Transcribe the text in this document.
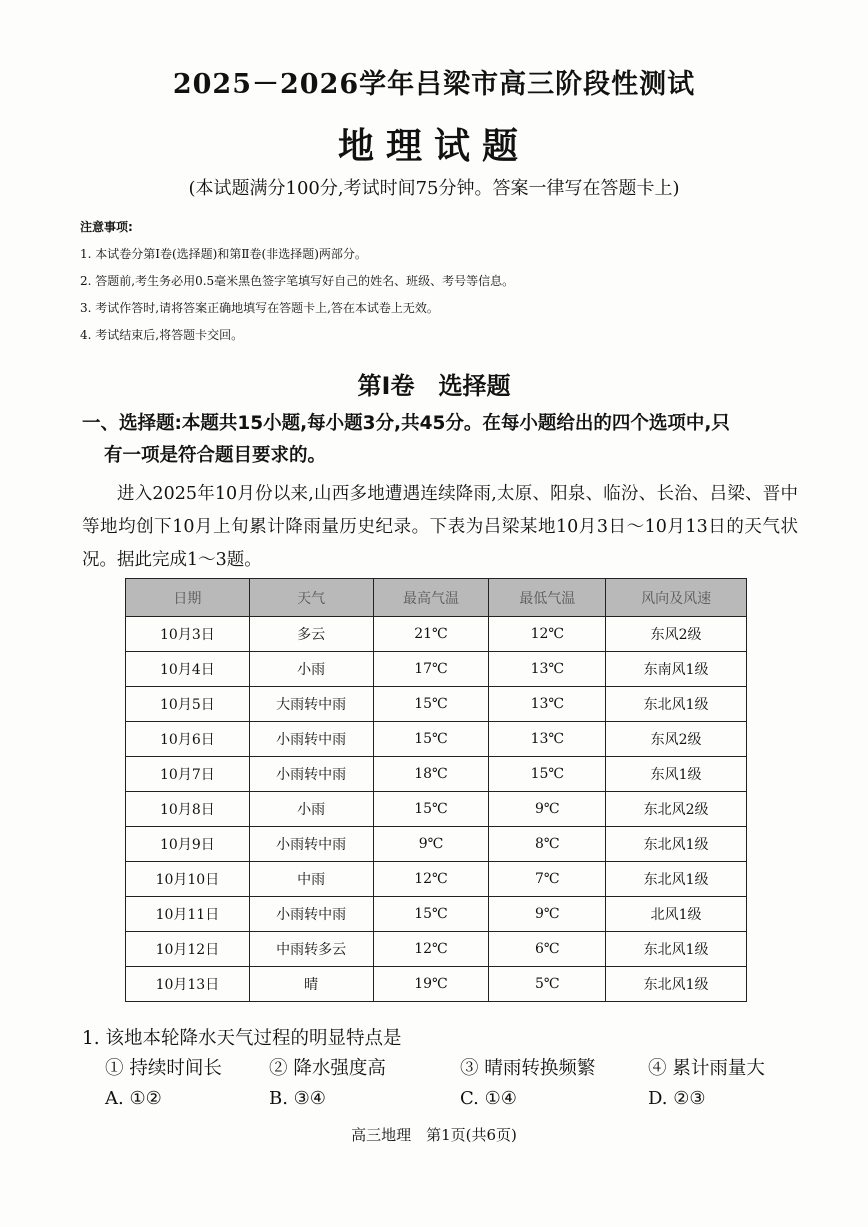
2025－2026学年吕梁市高三阶段性测试
地理试题
(本试题满分100分,考试时间75分钟。答案一律写在答题卡上)
注意事项:
1. 本试卷分第Ⅰ卷(选择题)和第Ⅱ卷(非选择题)两部分。
2. 答题前,考生务必用0.5毫米黑色签字笔填写好自己的姓名、班级、考号等信息。
3. 考试作答时,请将答案正确地填写在答题卡上,答在本试卷上无效。
4. 考试结束后,将答题卡交回。
第Ⅰ卷　选择题
一、选择题:本题共15小题,每小题3分,共45分。在每小题给出的四个选项中,只
有一项是符合题目要求的。

进入2025年10月份以来,山西多地遭遇连续降雨,太原、阳泉、临汾、长治、吕梁、晋中等地均创下10月上旬累计降雨量历史纪录。下表为吕梁某地10月3日～10月13日的天气状况。据此完成1～3题。

日期	天气	最高气温	最低气温	风向及风速
10月3日	多云	21℃	12℃	东风2级
10月4日	小雨	17℃	13℃	东南风1级
10月5日	大雨转中雨	15℃	13℃	东北风1级
10月6日	小雨转中雨	15℃	13℃	东风2级
10月7日	小雨转中雨	18℃	15℃	东风1级
10月8日	小雨	15℃	9℃	东北风2级
10月9日	小雨转中雨	9℃	8℃	东北风1级
10月10日	中雨	12℃	7℃	东北风1级
10月11日	小雨转中雨	15℃	9℃	北风1级
10月12日	中雨转多云	12℃	6℃	东北风1级
10月13日	晴	19℃	5℃	东北风1级
1. 该地本轮降水天气过程的明显特点是
① 持续时间长	② 降水强度高	③ 晴雨转换频繁	④ 累计雨量大
A. ①②	B. ③④	C. ①④	D. ②③
高三地理　第1页(共6页)
